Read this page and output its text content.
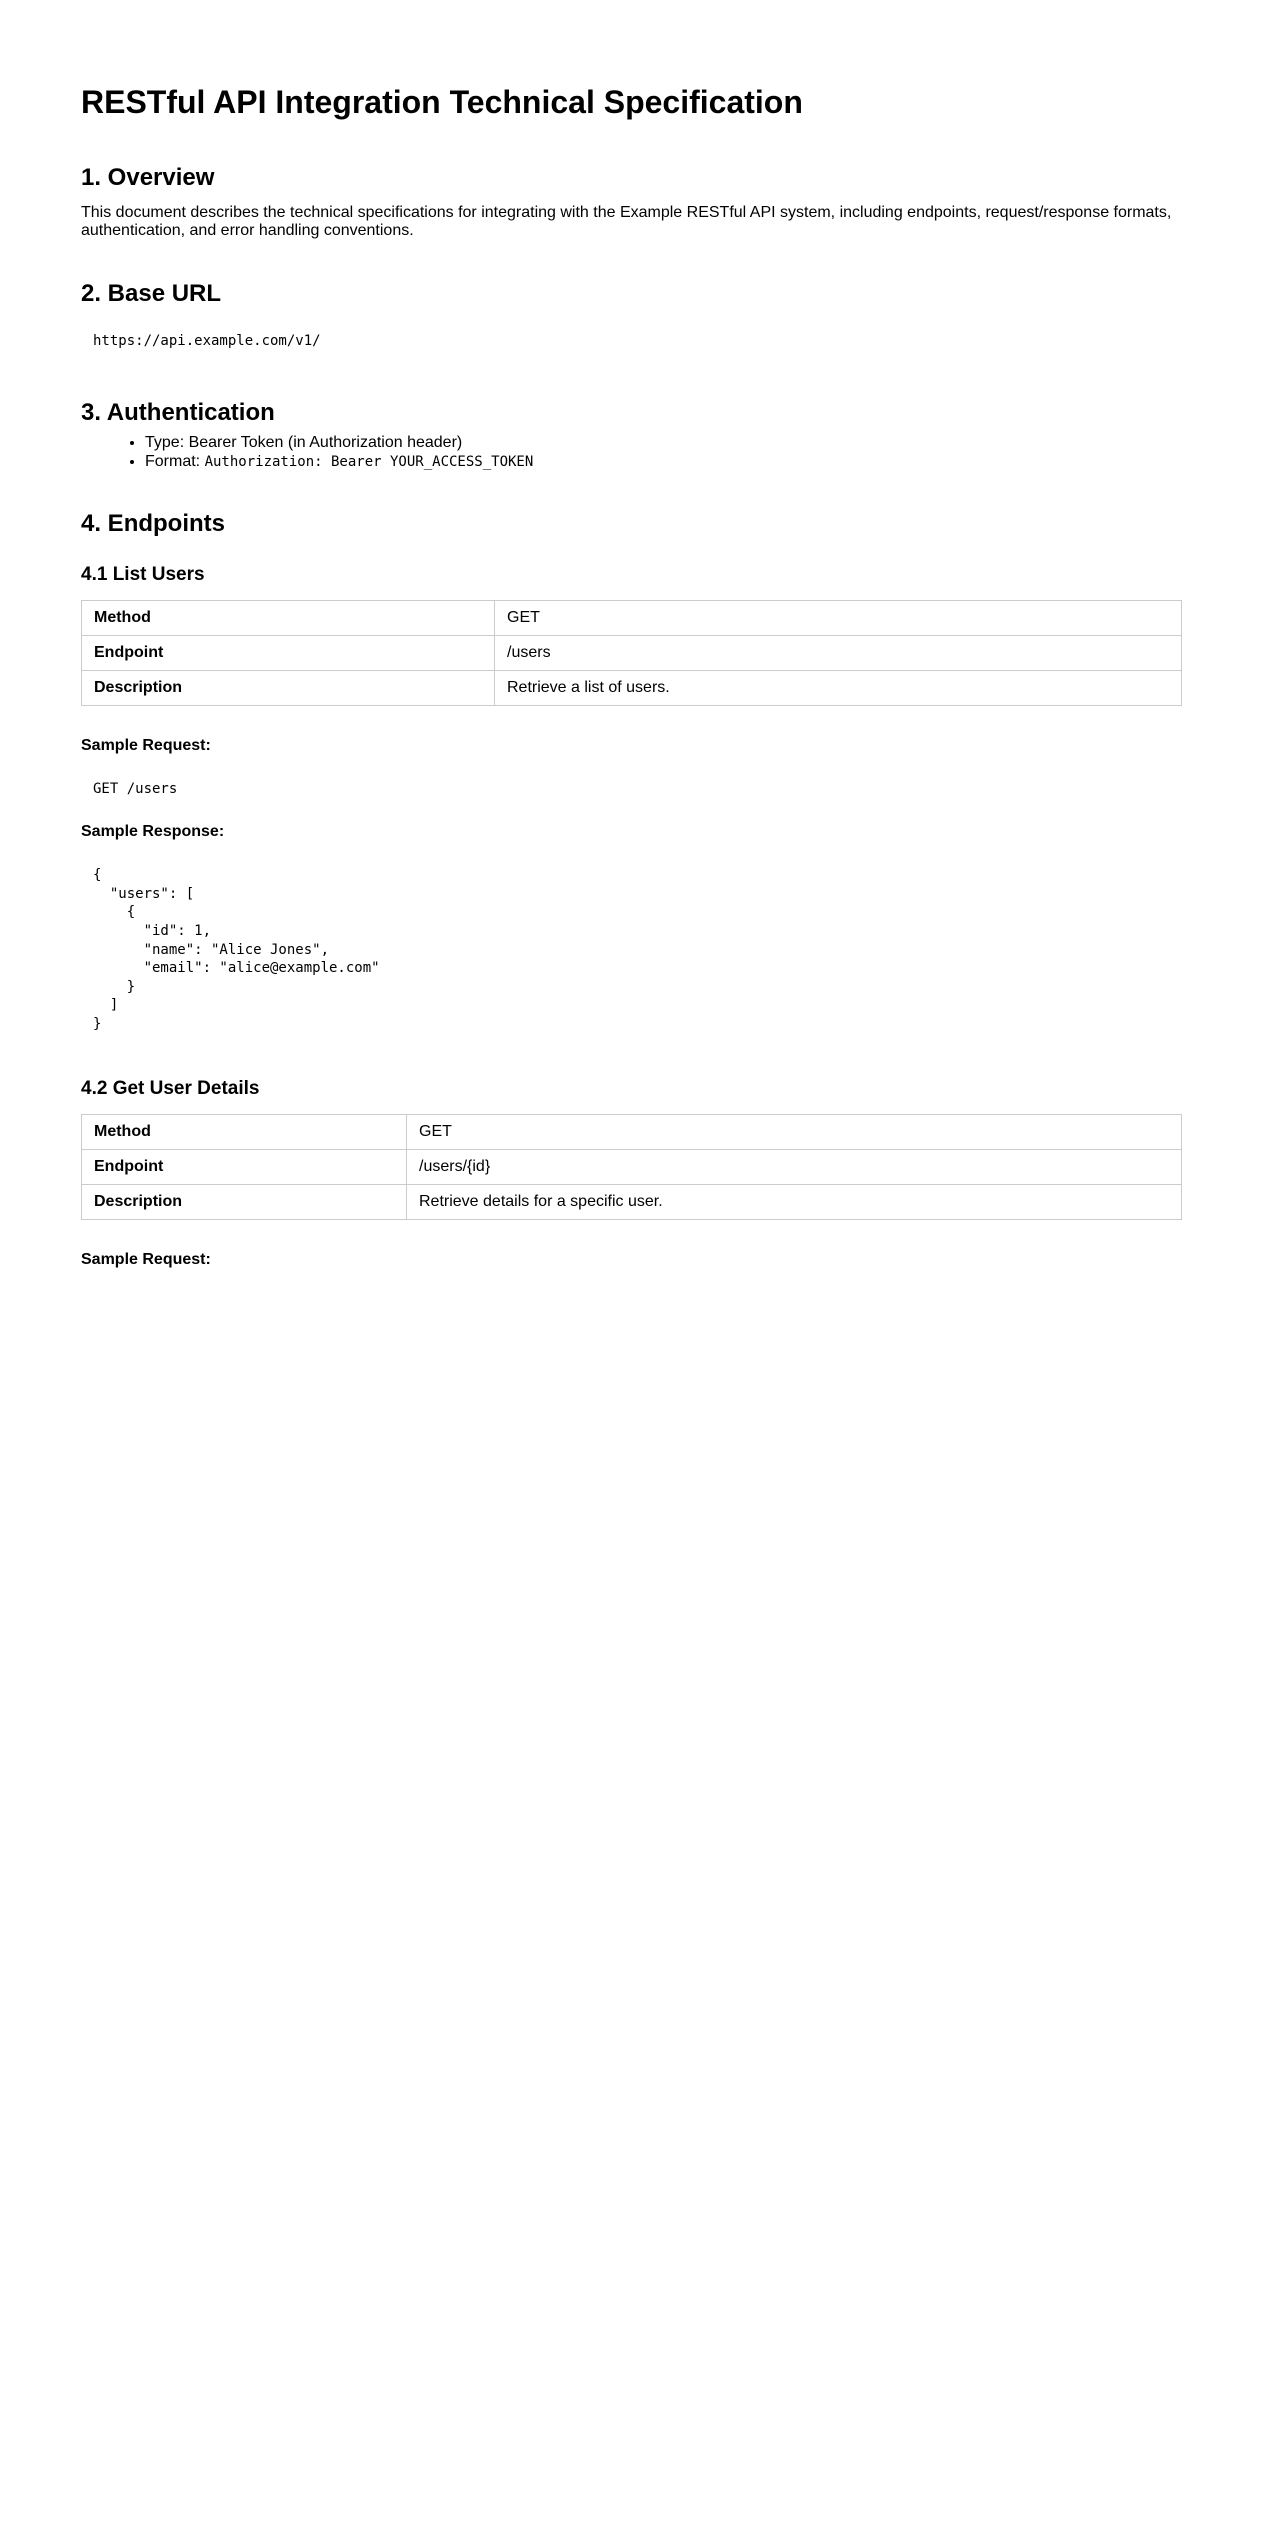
RESTful API Integration Technical Specification
1. Overview

This document describes the technical specifications for integrating with the Example RESTful API system, including endpoints, request/response formats, authentication, and error handling conventions.

2. Base URL
https://api.example.com/v1/
3. Authentication
• Type: Bearer Token (in Authorization header)
• Format: Authorization: Bearer YOUR_ACCESS_TOKEN
4. Endpoints
4.1 List Users
Method	GET
Endpoint	/users
Description	Retrieve a list of users.
Sample Request:
GET /users
Sample Response:
{
"users": [
{
"id": 1,
"name": "Alice Jones",
"email": "alice@example.com"
}
]
}
4.2 Get User Details
Method	GET
Endpoint	/users/{id}
Description	Retrieve details for a specific user.
Sample Request:
